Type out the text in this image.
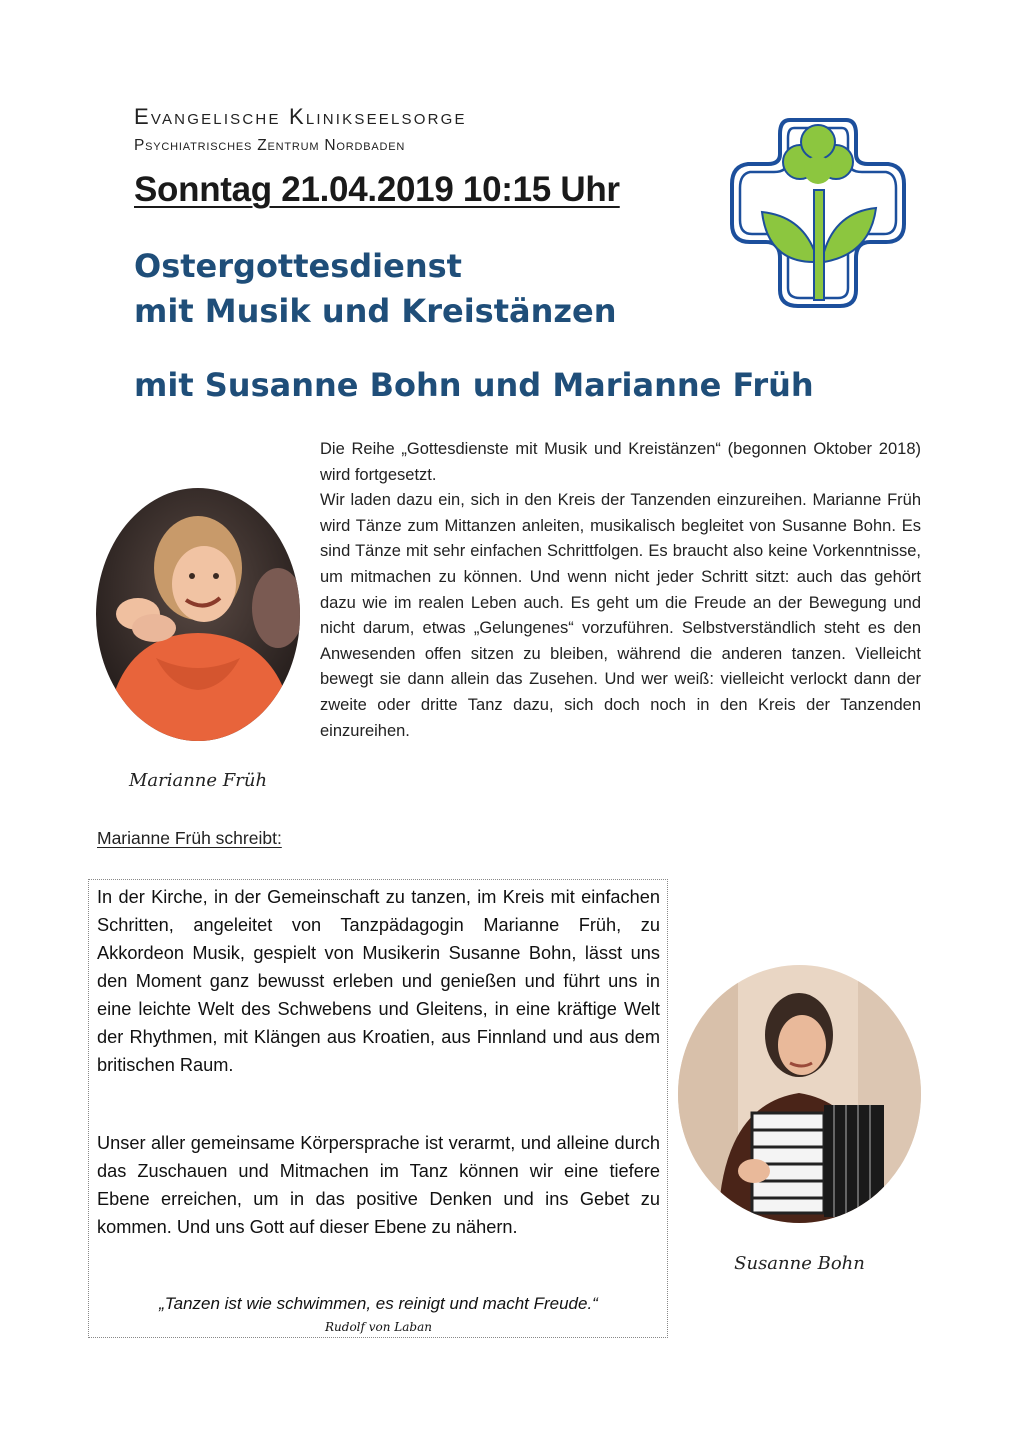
Evangelische Klinikseelsorge
Psychiatrisches Zentrum Nordbaden
Sonntag 21.04.2019 10:15 Uhr
Ostergottesdienst
mit Musik und Kreistänzen
mit Susanne Bohn und Marianne Früh
Marianne Früh

Die Reihe „Gottesdienste mit Musik und Kreistänzen“ (begonnen Oktober 2018) wird fortgesetzt.

Wir laden dazu ein, sich in den Kreis der Tanzenden einzureihen. Marianne Früh wird Tänze zum Mittanzen anleiten, musikalisch begleitet von Susanne Bohn. Es sind Tänze mit sehr einfachen Schrittfolgen. Es braucht also keine Vorkenntnisse, um mitmachen zu können. Und wenn nicht jeder Schritt sitzt: auch das gehört dazu wie im realen Leben auch. Es geht um die Freude an der Bewegung und nicht darum, etwas „Gelungenes“ vorzuführen. Selbstverständlich steht es den Anwesenden offen sitzen zu bleiben, während die anderen tanzen. Vielleicht bewegt sie dann allein das Zusehen. Und wer weiß: vielleicht verlockt dann der zweite oder dritte Tanz dazu, sich doch noch in den Kreis der Tanzenden einzureihen.

Marianne Früh schreibt:
In der Kirche, in der Gemeinschaft zu tanzen, im Kreis mit einfachen Schritten, angeleitet von Tanzpädagogin Marianne Früh, zu Akkordeon Musik, gespielt von Musikerin Susanne Bohn, lässt uns den Moment ganz bewusst erleben und genießen und führt uns in eine leichte Welt des Schwebens und Gleitens, in eine kräftige Welt der Rhythmen, mit Klängen aus Kroatien, aus Finnland und aus dem britischen Raum.
Unser aller gemeinsame Körpersprache ist verarmt, und alleine durch das Zuschauen und Mitmachen im Tanz können wir eine tiefere Ebene erreichen, um in das positive Denken und ins Gebet zu kommen. Und uns Gott auf dieser Ebene zu nähern.
„Tanzen ist wie schwimmen, es reinigt und macht Freude.“
Rudolf von Laban
Susanne Bohn
